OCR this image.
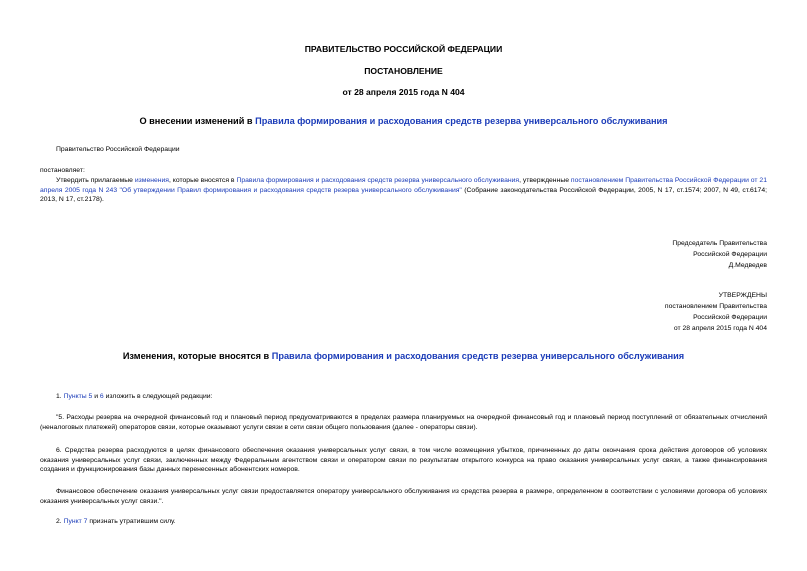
ПРАВИТЕЛЬСТВО РОССИЙСКОЙ ФЕДЕРАЦИИ
ПОСТАНОВЛЕНИЕ
от 28 апреля 2015 года N 404
О внесении изменений в Правила формирования и расходования средств резерва универсального обслуживания
Правительство Российской Федерации
постановляет:
Утвердить прилагаемые изменения, которые вносятся в Правила формирования и расходования средств резерва универсального обслуживания, утвержденные постановлением Правительства Российской Федерации от 21 апреля 2005 года N 243 "Об утверждении Правил формирования и расходования средств резерва универсального обслуживания" (Собрание законодательства Российской Федерации, 2005, N 17, ст.1574; 2007, N 49, ст.6174; 2013, N 17, ст.2178).
Председатель Правительства
Российской Федерации
Д.Медведев
УТВЕРЖДЕНЫ
постановлением Правительства
Российской Федерации
от 28 апреля 2015 года N 404
Изменения, которые вносятся в Правила формирования и расходования средств резерва универсального обслуживания
1. Пункты 5 и 6 изложить в следующей редакции:
"5. Расходы резерва на очередной финансовый год и плановый период предусматриваются в пределах размера планируемых на очередной финансовый год и плановый период поступлений от обязательных отчислений (неналоговых платежей) операторов связи, которые оказывают услуги связи в сети связи общего пользования (далее - операторы связи).
6. Средства резерва расходуются в целях финансового обеспечения оказания универсальных услуг связи, в том числе возмещения убытков, причиненных до даты окончания срока действия договоров об условиях оказания универсальных услуг связи, заключенных между Федеральным агентством связи и оператором связи по результатам открытого конкурса на право оказания универсальных услуг связи, а также финансирования создания и функционирования базы данных перенесенных абонентских номеров.
Финансовое обеспечение оказания универсальных услуг связи предоставляется оператору универсального обслуживания из средства резерва в размере, определенном в соответствии с условиями договора об условиях оказания универсальных услуг связи.".
2. Пункт 7 признать утратившим силу.
